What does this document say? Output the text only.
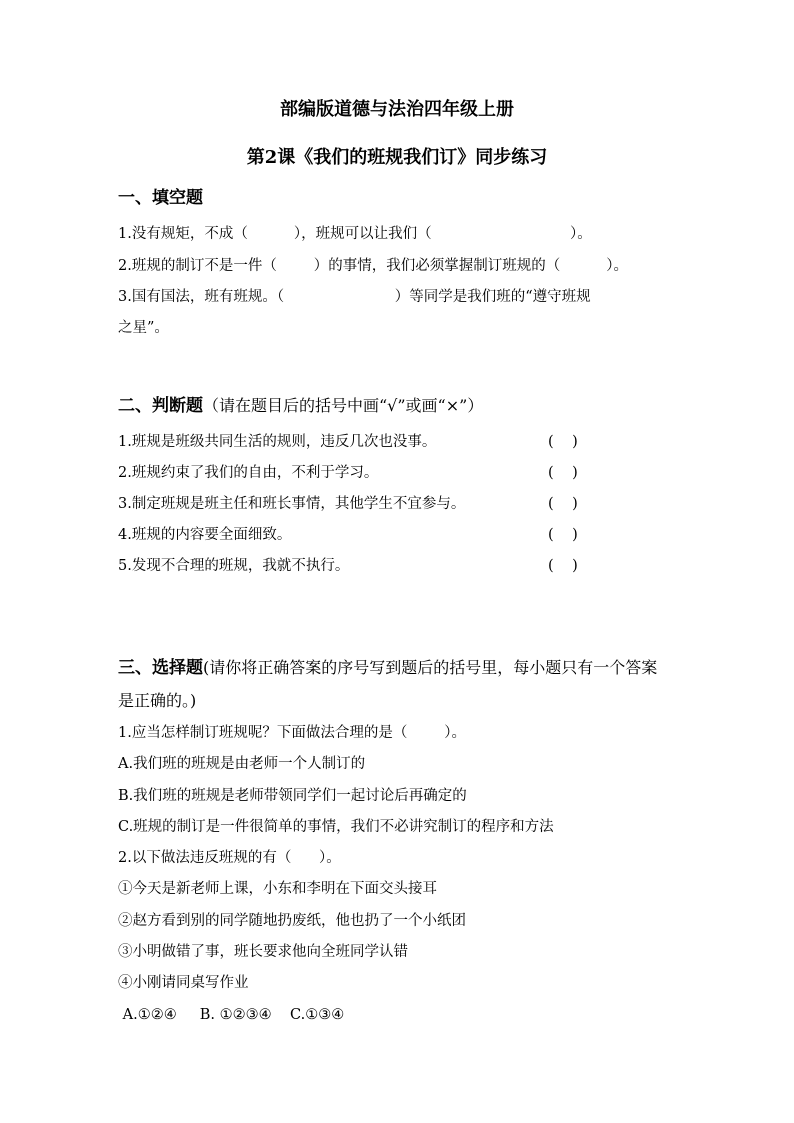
部编版道德与法治四年级上册
第2课《我们的班规我们订》同步练习
一、填空题
1.没有规矩，不成（          ），班规可以让我们（                              ）。
2.班规的制订不是一件（        ）的事情，我们必须掌握制订班规的（          ）。
3.国有国法，班有班规。（                        ）等同学是我们班的“遵守班规
之星”。
二、判断题（请在题目后的括号中画“√”或画“×”）
1.班规是班级共同生活的规则，违反几次也没事。	(    )
2.班规约束了我们的自由，不利于学习。	(    )
3.制定班规是班主任和班长事情，其他学生不宜参与。	(    )
4.班规的内容要全面细致。	(    )
5.发现不合理的班规，我就不执行。	(    )
三、选择题(请你将正确答案的序号写到题后的括号里，每小题只有一个答案
是正确的。)
1.应当怎样制订班规呢？下面做法合理的是（        ）。
A.我们班的班规是由老师一个人制订的
B.我们班的班规是老师带领同学们一起讨论后再确定的
C.班规的制订是一件很简单的事情，我们不必讲究制订的程序和方法
2.以下做法违反班规的有（      ）。
①今天是新老师上课，小东和李明在下面交头接耳
②赵方看到别的同学随地扔废纸，他也扔了一个小纸团
③小明做错了事，班长要求他向全班同学认错
④小刚请同桌写作业
A.①②④     B. ①②③④    C.①③④
